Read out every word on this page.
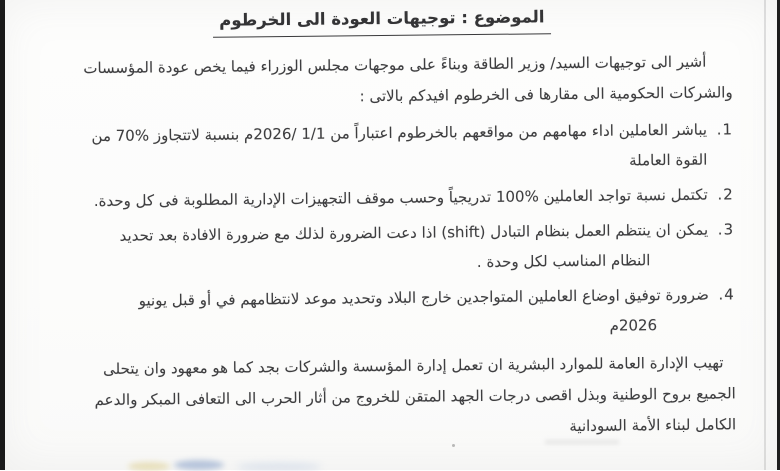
الموضوع : توجيهات العودة الى الخرطوم
أشير الى توجيهات السيد/ وزير الطاقة وبناءً على موجهات مجلس الوزراء فيما يخص عودة المؤسسات
والشركات الحكومية الى مقارها فى الخرطوم افيدكم بالاتى :
1.
يباشر العاملين اداء مهامهم من مواقعهم بالخرطوم اعتباراً من 1/1 /2026م بنسبة لاتتجاوز %70 من
القوة العاملة
2.
تكتمل نسبة تواجد العاملين %100 تدريجياً وحسب موقف التجهيزات الإدارية المطلوبة فى كل وحدة.
3.
يمكن ان ينتظم العمل بنظام التبادل (shift) اذا دعت الضرورة لذلك مع ضرورة الافادة بعد تحديد
النظام المناسب لكل وحدة .
4.
ضرورة توفيق اوضاع العاملين المتواجدين خارج البلاد وتحديد موعد لانتظامهم في أو قبل يونيو
2026م
تهيب الإدارة العامة للموارد البشرية ان تعمل إدارة المؤسسة والشركات بجد كما هو معهود وان يتحلى
الجميع بروح الوطنية وبذل اقصى درجات الجهد المتقن للخروج من أثار الحرب الى التعافى المبكر والدعم
الكامل لبناء الأمة السودانية
